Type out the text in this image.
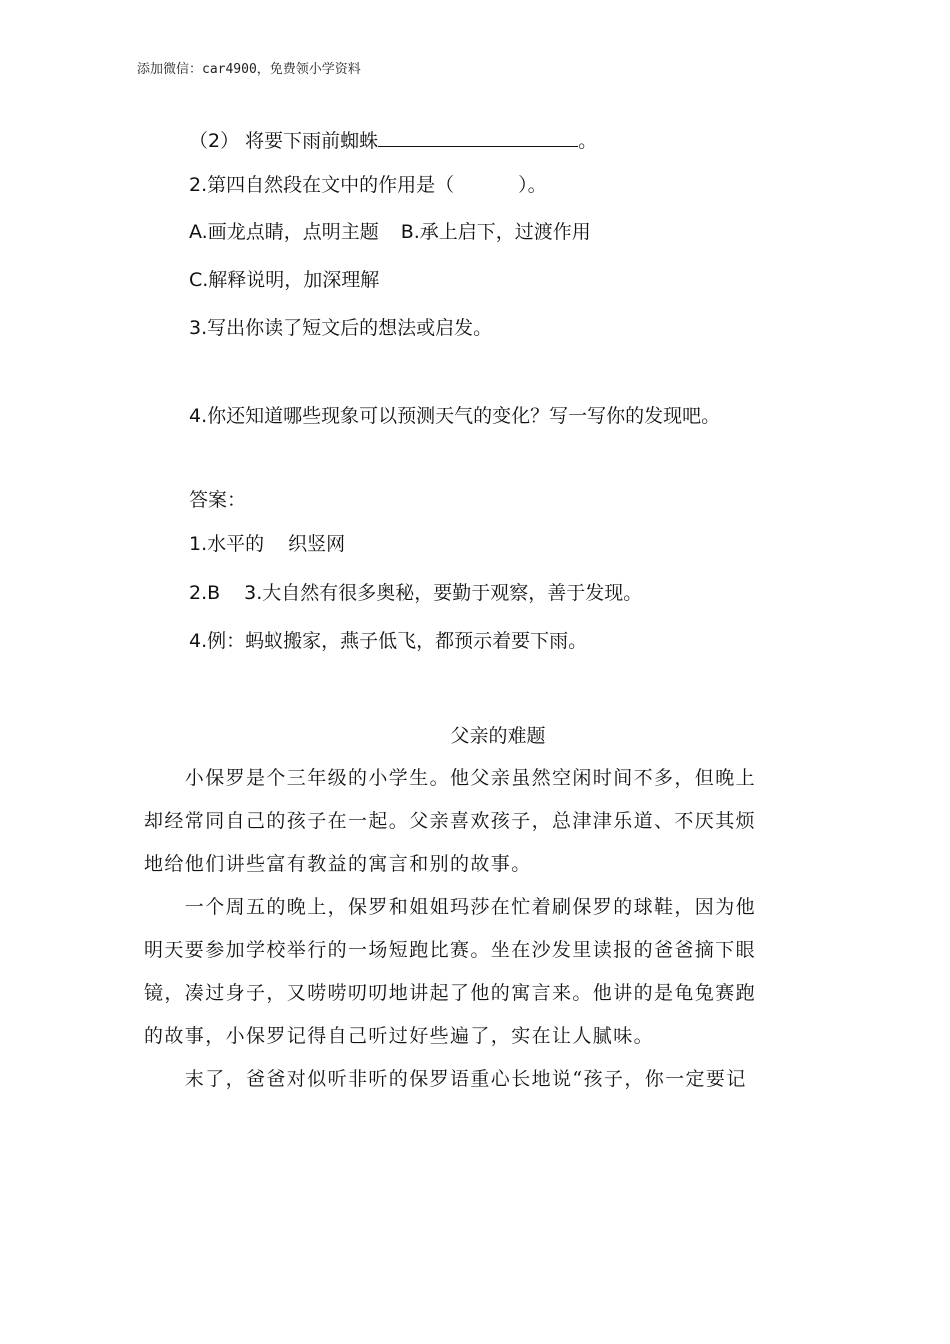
添加微信：car4900，免费领小学资料
（2） 将要下雨前蜘蛛	。
2.第四自然段在文中的作用是（	）。
A.画龙点睛，点明主题 B.承上启下，过渡作用
C.解释说明，加深理解
3.写出你读了短文后的想法或启发。
4.你还知道哪些现象可以预测天气的变化？写一写你的发现吧。
答案：
1.水平的 织竖网
2.B 3.大自然有很多奥秘，要勤于观察，善于发现。
4.例：蚂蚁搬家，燕子低飞，都预示着要下雨。
父亲的难题
　　小保罗是个三年级的小学生。他父亲虽然空闲时间不多，但晚上
却经常同自己的孩子在一起。父亲喜欢孩子，总津津乐道、不厌其烦
地给他们讲些富有教益的寓言和别的故事。
　　一个周五的晚上，保罗和姐姐玛莎在忙着刷保罗的球鞋，因为他
明天要参加学校举行的一场短跑比赛。坐在沙发里读报的爸爸摘下眼
镜，凑过身子，又唠唠叨叨地讲起了他的寓言来。他讲的是龟兔赛跑
的故事，小保罗记得自己听过好些遍了，实在让人腻味。
　　末了，爸爸对似听非听的保罗语重心长地说“孩子，你一定要记
